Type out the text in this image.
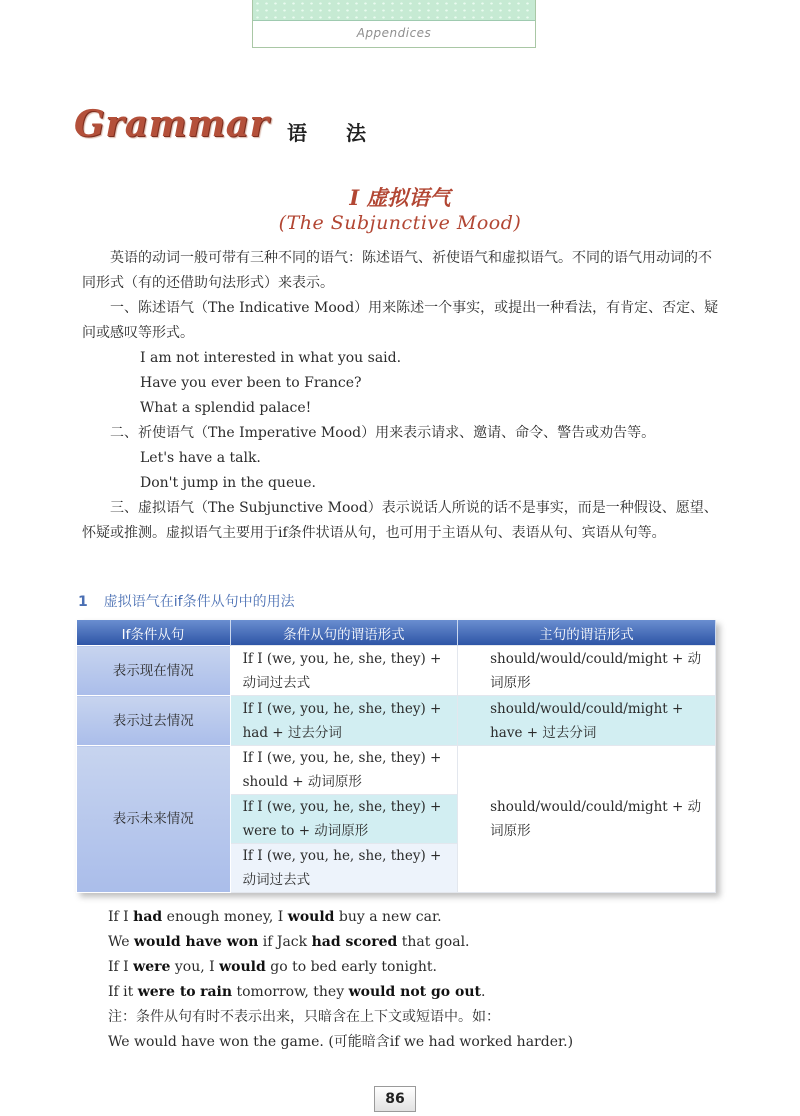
Appendices
Grammar 语 法
Ⅰ 虚拟语气
(The Subjunctive Mood)
英语的动词一般可带有三种不同的语气：陈述语气、祈使语气和虚拟语气。不同的语气用动词的不同形式（有的还借助句法形式）来表示。
一、陈述语气（The Indicative Mood）用来陈述一个事实，或提出一种看法，有肯定、否定、疑问或感叹等形式。
I am not interested in what you said.
Have you ever been to France?
What a splendid palace!
二、祈使语气（The Imperative Mood）用来表示请求、邀请、命令、警告或劝告等。
Let's have a talk.
Don't jump in the queue.
三、虚拟语气（The Subjunctive Mood）表示说话人所说的话不是事实，而是一种假设、愿望、怀疑或推测。虚拟语气主要用于if条件状语从句，也可用于主语从句、表语从句、宾语从句等。
1 虚拟语气在if条件从句中的用法
If条件从句	条件从句的谓语形式	主句的谓语形式
表示现在情况	If I (we, you, he, she, they) + 动词过去式	should/would/could/might + 动词原形
表示过去情况	If I (we, you, he, she, they) + had + 过去分词	should/would/could/might + have + 过去分词
表示未来情况	If I (we, you, he, she, they) + should + 动词原形	should/would/could/might + 动词原形
	If I (we, you, he, she, they) + were to + 动词原形	
	If I (we, you, he, she, they) + 动词过去式	
If I had enough money, I would buy a new car.
We would have won if Jack had scored that goal.
If I were you, I would go to bed early tonight.
If it were to rain tomorrow, they would not go out.
注：条件从句有时不表示出来，只暗含在上下文或短语中。如：
We would have won the game. (可能暗含if we had worked harder.)
86
